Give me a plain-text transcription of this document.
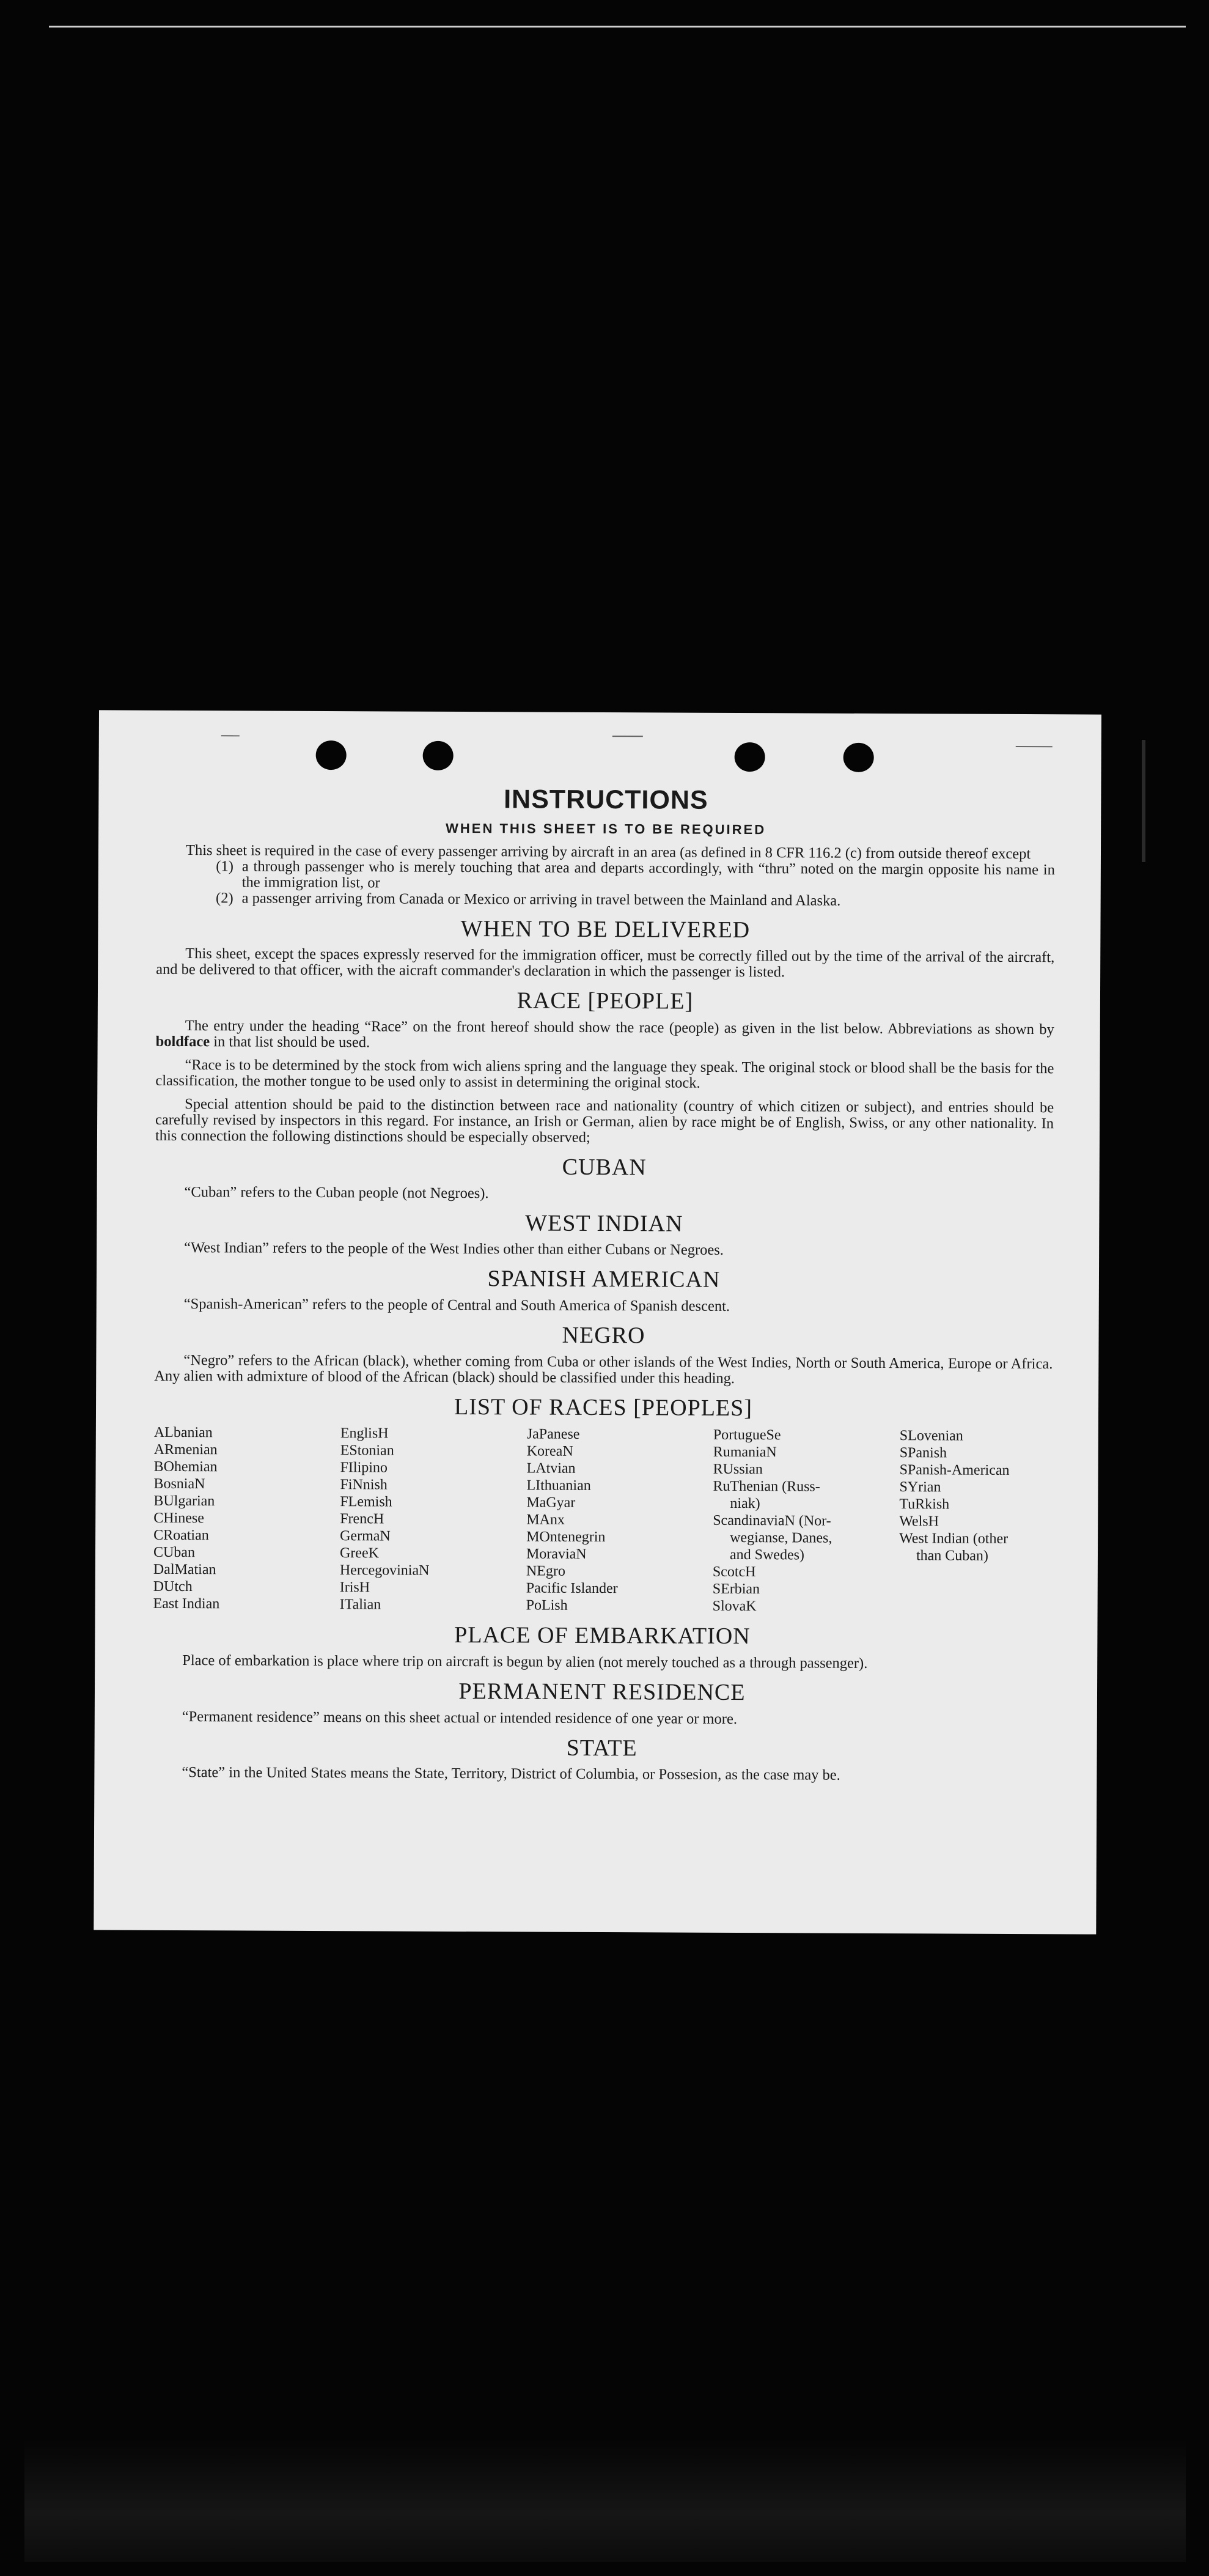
INSTRUCTIONS
WHEN THIS SHEET IS TO BE REQUIRED

This sheet is required in the case of every passenger arriving by aircraft in an area (as defined in 8 CFR 116.2 (c) from outside thereof except

(1) a through passenger who is merely touching that area and departs accordingly, with “thru” noted on the margin opposite his name in the immigration list, or
(2) a passenger arriving from Canada or Mexico or arriving in travel between the Mainland and Alaska.
WHEN TO BE DELIVERED

This sheet, except the spaces expressly reserved for the immigration officer, must be correctly filled out by the time of the arrival of the aircraft, and be delivered to that officer, with the aicraft commander's declaration in which the passenger is listed.

RACE [PEOPLE]

The entry under the heading “Race” on the front hereof should show the race (people) as given in the list below. Abbreviations as shown by boldface in that list should be used.

“Race is to be determined by the stock from wich aliens spring and the language they speak. The original stock or blood shall be the basis for the classification, the mother tongue to be used only to assist in determining the original stock.

Special attention should be paid to the distinction between race and nationality (country of which citizen or subject), and entries should be carefully revised by inspectors in this regard. For instance, an Irish or German, alien by race might be of English, Swiss, or any other nationality. In this connection the following distinctions should be especially observed;

CUBAN

“Cuban” refers to the Cuban people (not Negroes).

WEST INDIAN

“West Indian” refers to the people of the West Indies other than either Cubans or Negroes.

SPANISH AMERICAN

“Spanish-American” refers to the people of Central and South America of Spanish descent.

NEGRO

“Negro” refers to the African (black), whether coming from Cuba or other islands of the West Indies, North or South America, Europe or Africa. Any alien with admixture of blood of the African (black) should be classified under this heading.

LIST OF RACES [PEOPLES]
ALbanian
ARmenian
BOhemian
BosniaN
BUlgarian
CHinese
CRoatian
CUban
DalMatian
DUtch
East Indian
EnglisH
EStonian
FIlipino
FiNnish
FLemish
FrencH
GermaN
GreeK
HercegoviniaN
IrisH
ITalian
JaPanese
KoreaN
LAtvian
LIthuanian
MaGyar
MAnx
MOntenegrin
MoraviaN
NEgro
Pacific Islander
PoLish
PortugueSe
RumaniaN
RUssian
RuThenian (Russ-
niak)
ScandinaviaN (Nor-
wegianse, Danes,
and Swedes)
ScotcH
SErbian
SlovaK
SLovenian
SPanish
SPanish-American
SYrian
TuRkish
WelsH
West Indian (other
than Cuban)
PLACE OF EMBARKATION

Place of embarkation is place where trip on aircraft is begun by alien (not merely touched as a through passenger).

PERMANENT RESIDENCE

“Permanent residence” means on this sheet actual or intended residence of one year or more.

STATE

“State” in the United States means the State, Territory, District of Columbia, or Possesion, as the case may be.
